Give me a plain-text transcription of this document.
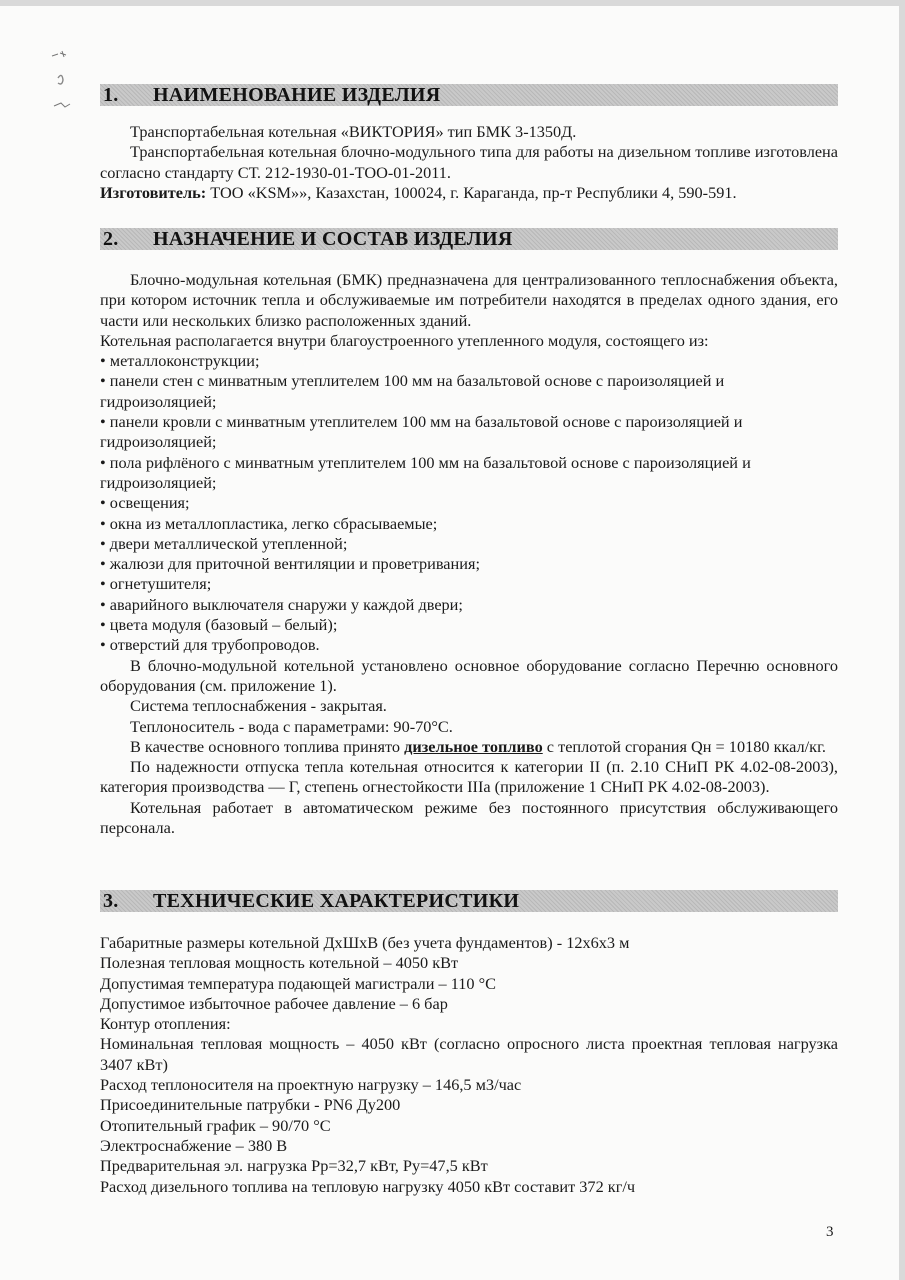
1.	НАИМЕНОВАНИЕ ИЗДЕЛИЯ

Транспортабельная котельная «ВИКТОРИЯ» тип БМК 3-1350Д.

Транспортабельная котельная блочно-модульного типа для работы на дизельном топливе изготовлена согласно стандарту СТ. 212-1930-01-ТОО-01-2011.

Изготовитель: ТОО «KSM»», Казахстан, 100024, г. Караганда, пр-т Республики 4, 590-591.

2.	НАЗНАЧЕНИЕ И СОСТАВ ИЗДЕЛИЯ

Блочно-модульная котельная (БМК) предназначена для централизованного теплоснабжения объекта, при котором источник тепла и обслуживаемые им потребители находятся в пределах одного здания, его части или нескольких близко расположенных зданий.

Котельная располагается внутри благоустроенного утепленного модуля, состоящего из:

• металлоконструкции;

• панели стен с минватным утеплителем 100 мм на базальтовой основе с пароизоляцией и гидроизоляцией;

• панели кровли с минватным утеплителем 100 мм на базальтовой основе с пароизоляцией и гидроизоляцией;

• пола рифлёного с минватным утеплителем 100 мм на базальтовой основе с пароизоляцией и гидроизоляцией;

• освещения;

• окна из металлопластика, легко сбрасываемые;

• двери металлической утепленной;

• жалюзи для приточной вентиляции и проветривания;

• огнетушителя;

• аварийного выключателя снаружи у каждой двери;

• цвета модуля (базовый – белый);

• отверстий для трубопроводов.

В блочно-модульной котельной установлено основное оборудование согласно Перечню основного оборудования (см. приложение 1).

Система теплоснабжения - закрытая.

Теплоноситель - вода с параметрами: 90-70°С.

В качестве основного топлива принято дизельное топливо с теплотой сгорания Qн = 10180 ккал/кг.

По надежности отпуска тепла котельная относится к категории II (п. 2.10 СНиП РК 4.02-08-2003), категория производства — Г, степень огнестойкости IIIа (приложение 1 СНиП РК 4.02-08-2003).

Котельная работает в автоматическом режиме без постоянного присутствия обслуживающего персонала.

3.	ТЕХНИЧЕСКИЕ ХАРАКТЕРИСТИКИ

Габаритные размеры котельной ДхШхВ (без учета фундаментов) - 12х6х3 м

Полезная тепловая мощность котельной – 4050 кВт

Допустимая температура подающей магистрали – 110 °С

Допустимое избыточное рабочее давление – 6 бар

Контур отопления:

Номинальная тепловая мощность – 4050 кВт (согласно опросного листа проектная тепловая нагрузка 3407 кВт)

Расход теплоносителя на проектную нагрузку – 146,5 м3/час

Присоединительные патрубки - PN6 Ду200

Отопительный график – 90/70 °С

Электроснабжение – 380 В

Предварительная эл. нагрузка Рр=32,7 кВт, Ру=47,5 кВт

Расход дизельного топлива на тепловую нагрузку 4050 кВт составит 372 кг/ч

3
